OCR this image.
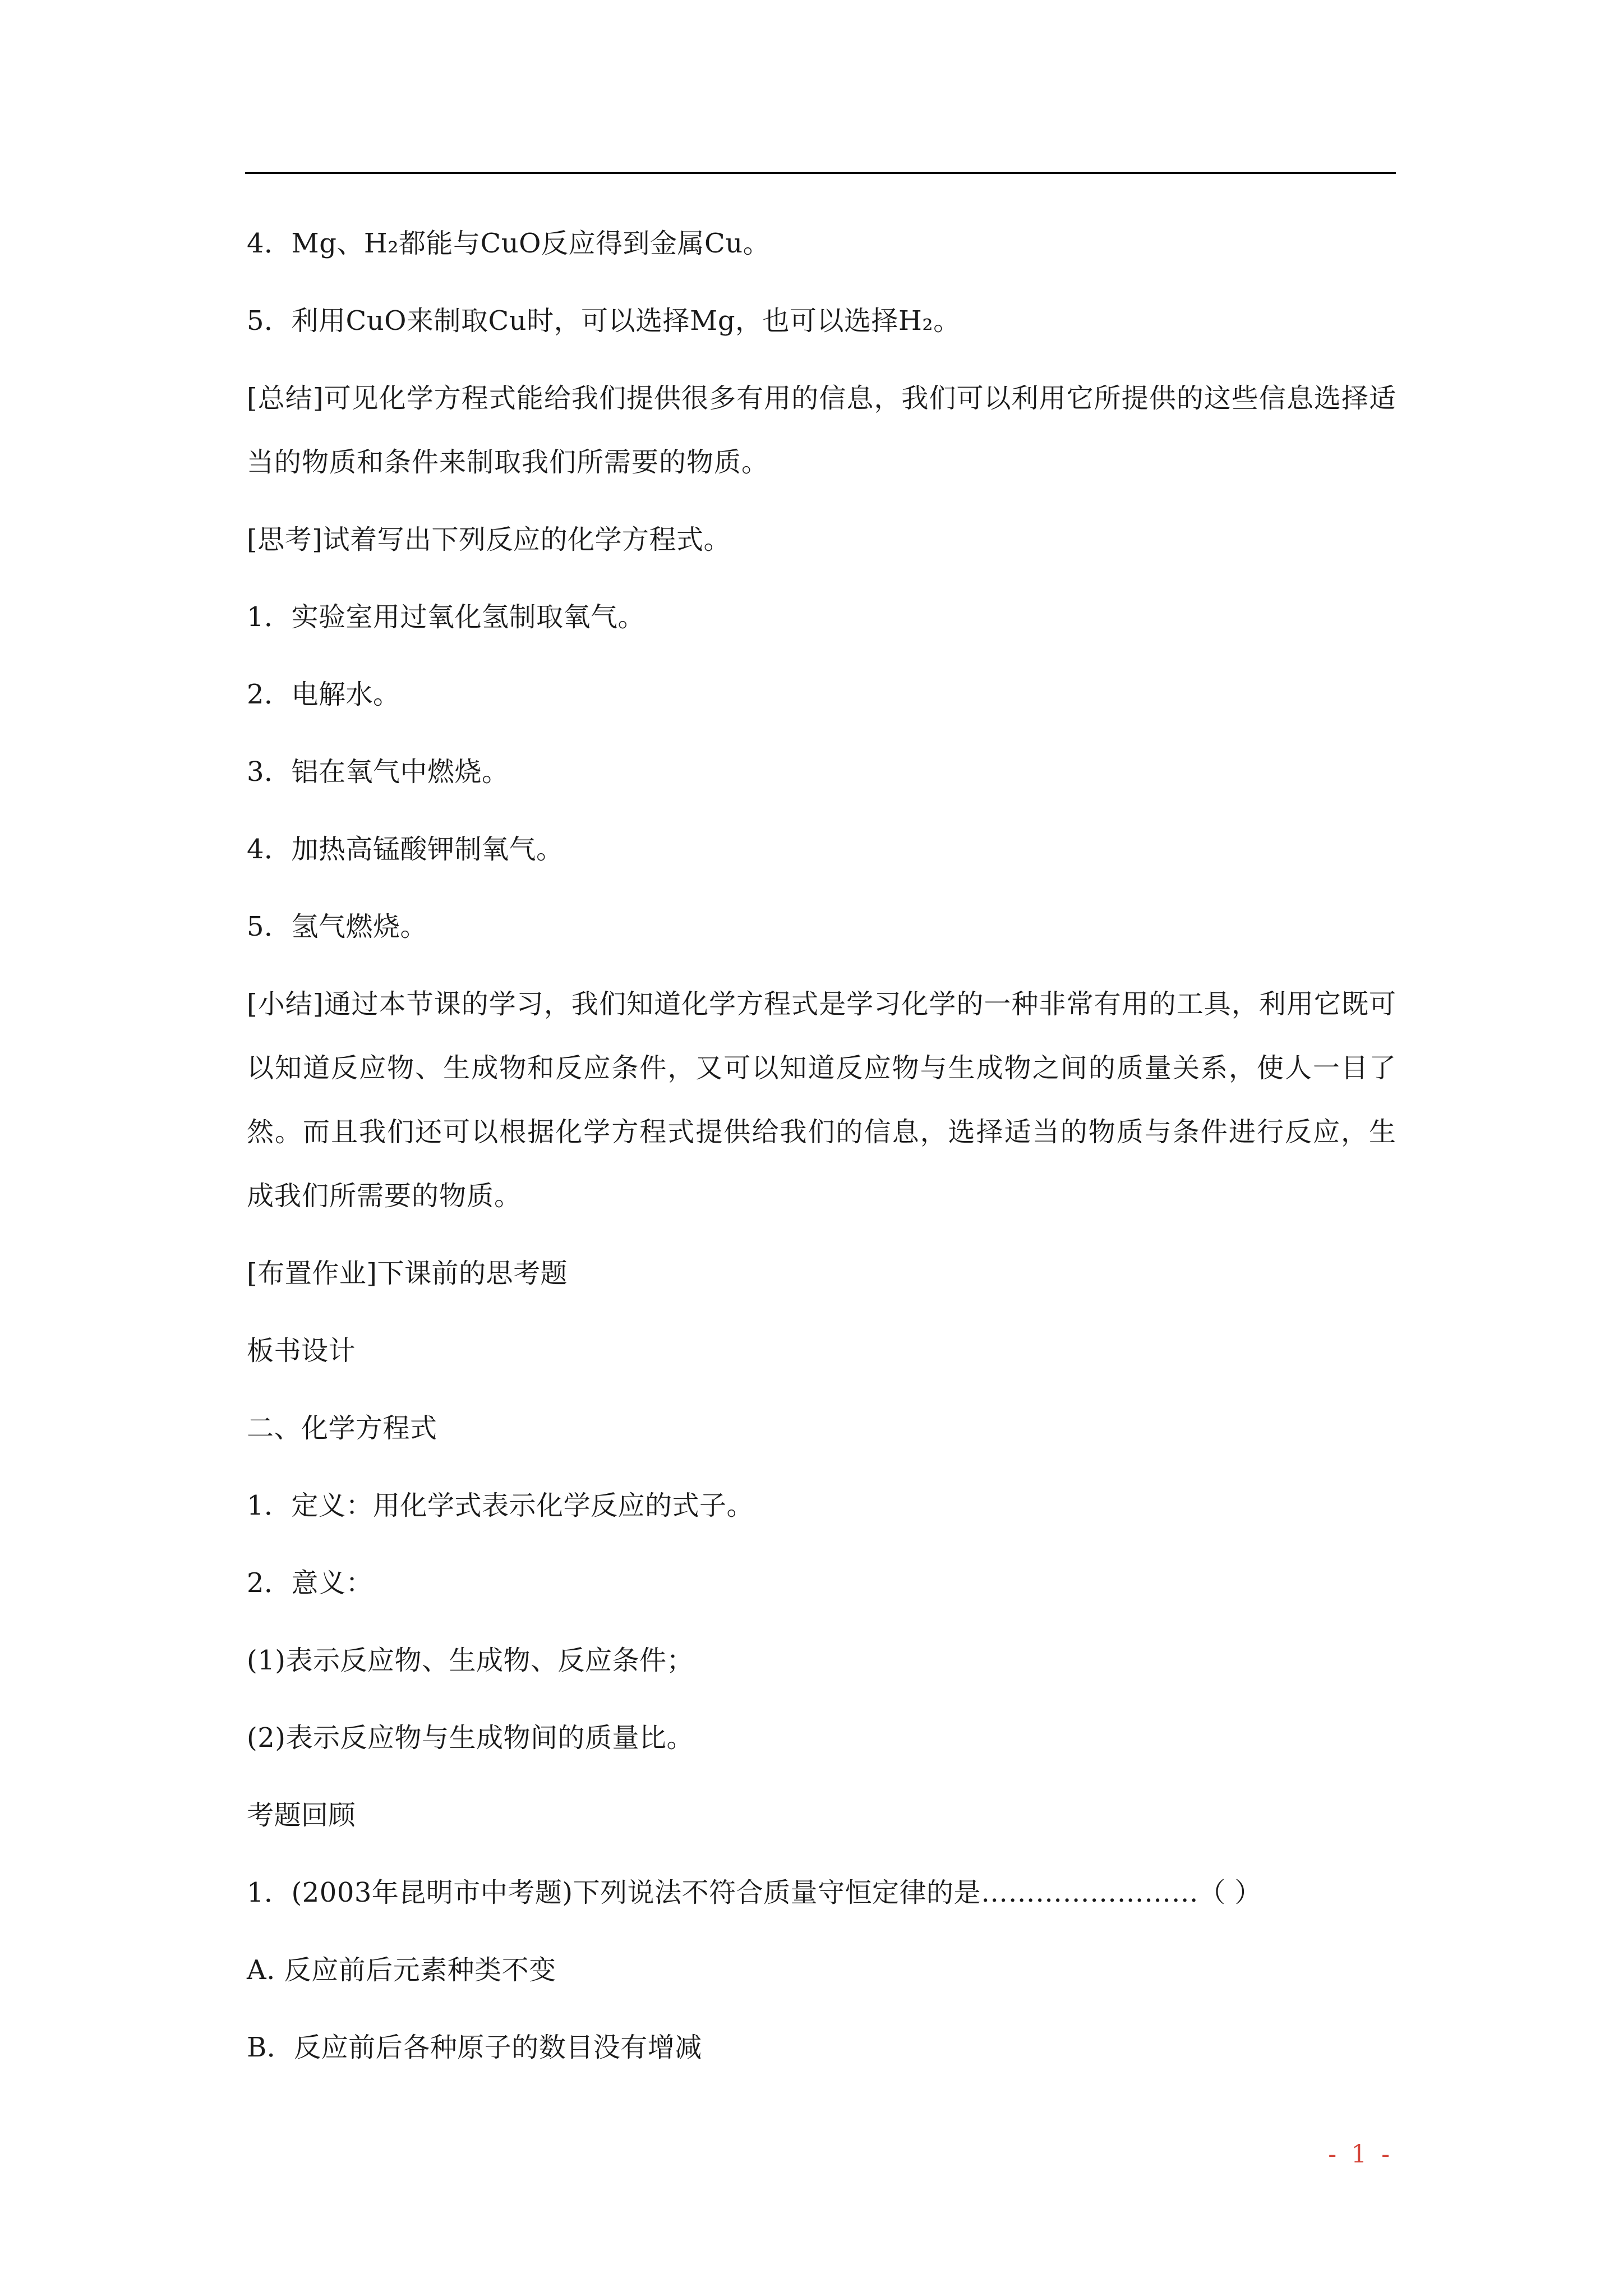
4．Mg、H₂都能与CuO反应得到金属Cu。
5．利用CuO来制取Cu时，可以选择Mg，也可以选择H₂。
[总结]可见化学方程式能给我们提供很多有用的信息，我们可以利用它所提供的这些信息选择适当的物质和条件来制取我们所需要的物质。
[思考]试着写出下列反应的化学方程式。
1．实验室用过氧化氢制取氧气。
2．电解水。
3．铝在氧气中燃烧。
4．加热高锰酸钾制氧气。
5．氢气燃烧。
[小结]通过本节课的学习，我们知道化学方程式是学习化学的一种非常有用的工具，利用它既可以知道反应物、生成物和反应条件，又可以知道反应物与生成物之间的质量关系，使人一目了然。而且我们还可以根据化学方程式提供给我们的信息，选择适当的物质与条件进行反应，生成我们所需要的物质。
[布置作业]下课前的思考题
板书设计
二、化学方程式
1．定义：用化学式表示化学反应的式子。
2．意义：
(1)表示反应物、生成物、反应条件；
(2)表示反应物与生成物间的质量比。
考题回顾
1．(2003年昆明市中考题)下列说法不符合质量守恒定律的是……………………（ ）
A. 反应前后元素种类不变
B．反应前后各种原子的数目没有增减
- 1 -
